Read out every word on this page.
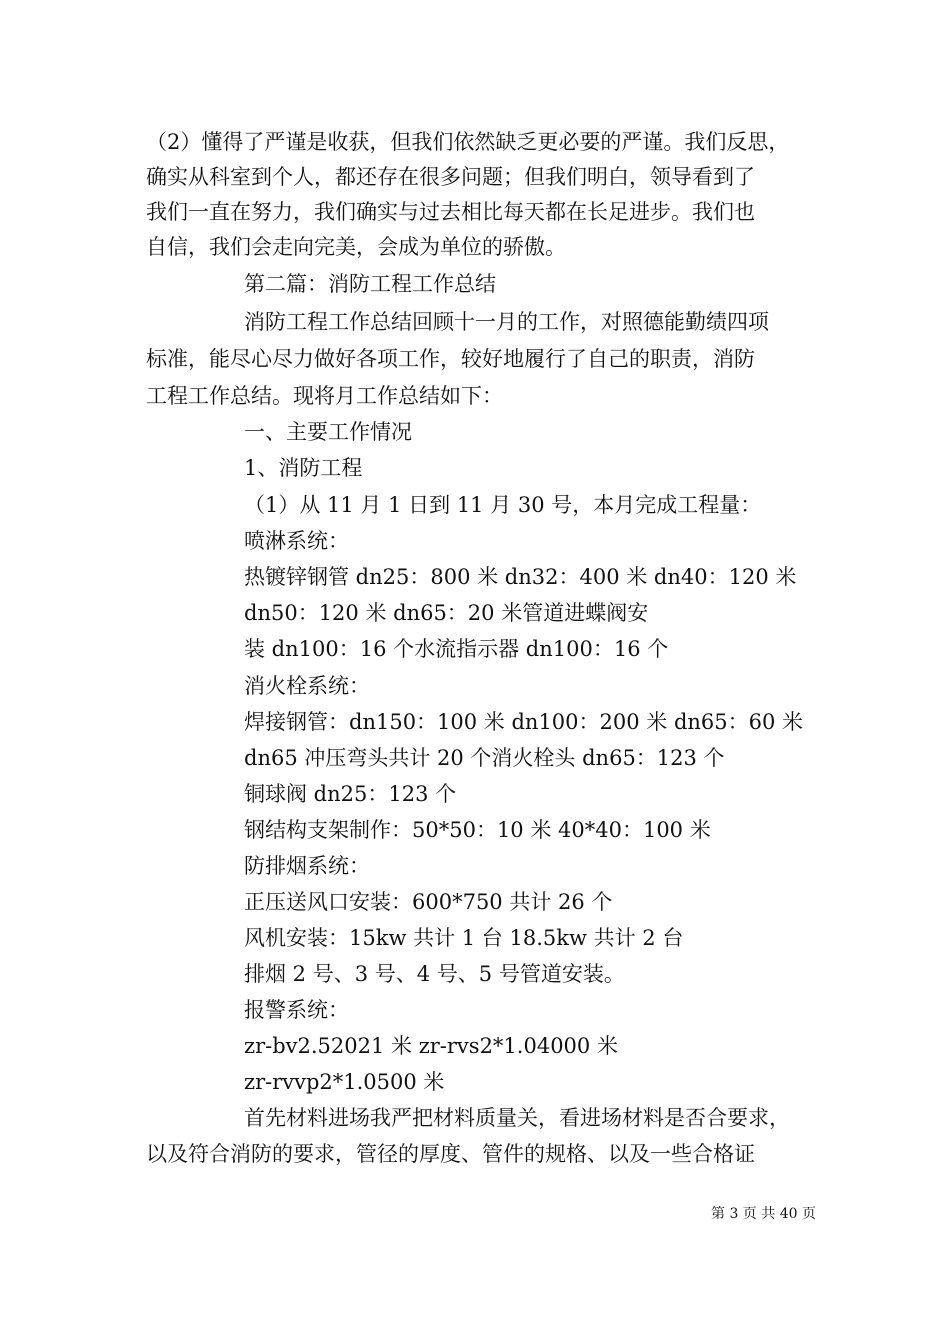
（2）懂得了严谨是收获，但我们依然缺乏更必要的严谨。我们反思，
确实从科室到个人，都还存在很多问题；但我们明白，领导看到了
我们一直在努力，我们确实与过去相比每天都在长足进步。我们也
自信，我们会走向完美，会成为单位的骄傲。
第二篇：消防工程工作总结
消防工程工作总结回顾十一月的工作，对照德能勤绩四项
标准，能尽心尽力做好各项工作，较好地履行了自己的职责，消防
工程工作总结。现将月工作总结如下：
一、主要工作情况
1、消防工程
（1）从 11 月 1 日到 11 月 30 号，本月完成工程量：
喷淋系统：
热镀锌钢管 dn25：800 米 dn32：400 米 dn40：120 米
dn50：120 米 dn65：20 米管道进蝶阀安
装 dn100：16 个水流指示器 dn100：16 个
消火栓系统：
焊接钢管：dn150：100 米 dn100：200 米 dn65：60 米
dn65 冲压弯头共计 20 个消火栓头 dn65：123 个
铜球阀 dn25：123 个
钢结构支架制作：50*50：10 米 40*40：100 米
防排烟系统：
正压送风口安装：600*750 共计 26 个
风机安装：15kw 共计 1 台 18.5kw 共计 2 台
排烟 2 号、3 号、4 号、5 号管道安装。
报警系统：
zr-bv2.52021 米 zr-rvs2*1.04000 米
zr-rvvp2*1.0500 米
首先材料进场我严把材料质量关，看进场材料是否合要求，
以及符合消防的要求，管径的厚度、管件的规格、以及一些合格证
第 3 页 共 40 页
